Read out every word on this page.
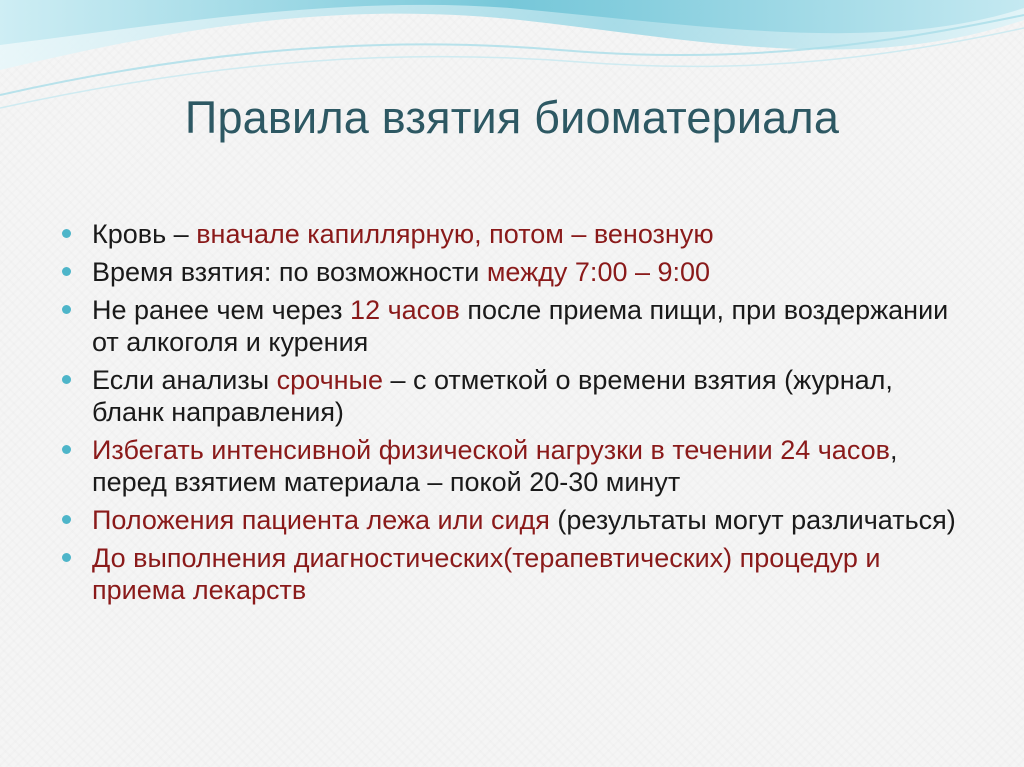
Правила взятия биоматериала
Кровь – вначале капиллярную, потом – венозную
Время взятия: по возможности между 7:00 – 9:00
Не ранее чем через 12 часов после приема пищи, при воздержании от алкоголя и курения
Если анализы срочные – с отметкой о времени взятия (журнал, бланк направления)
Избегать интенсивной физической нагрузки в течении 24 часов, перед взятием материала – покой 20-30 минут
Положения пациента лежа или сидя (результаты могут различаться)
До выполнения диагностических(терапевтических) процедур и приема лекарств
